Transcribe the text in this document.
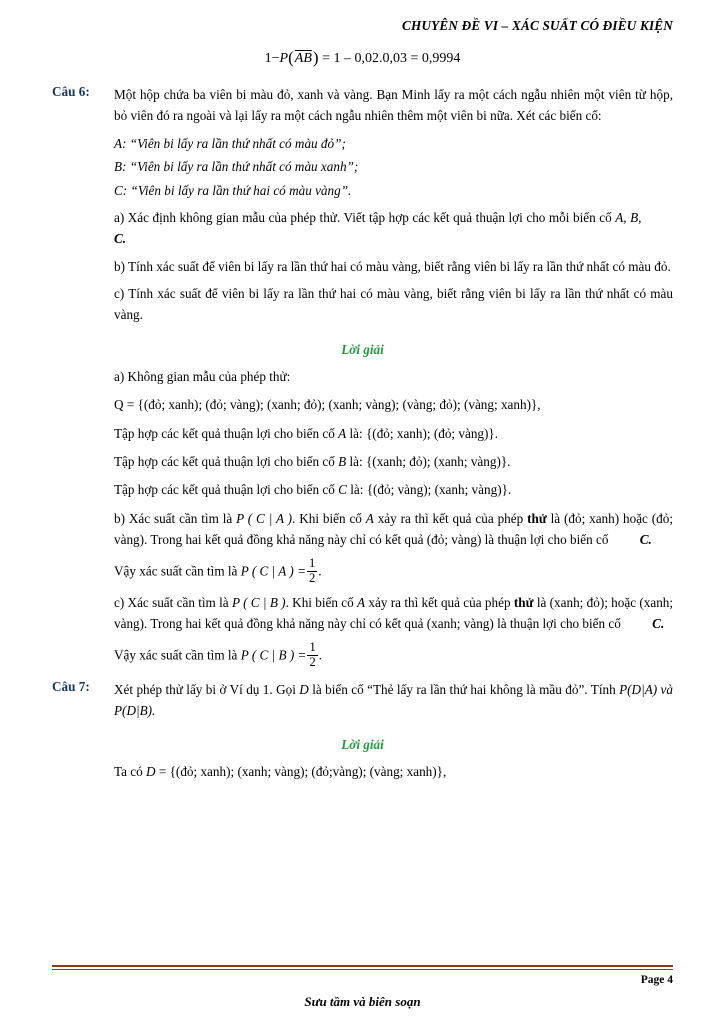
CHUYÊN ĐỀ VI – XÁC SUẤT CÓ ĐIỀU KIỆN
$1-P(\overline{AB}) = 1 - 0,02.0,03 = 0,9994$
Câu 6:	Một hộp chứa ba viên bi màu đỏ, xanh và vàng. Bạn Minh lấy ra một cách ngẫu nhiên một viên từ hộp, bỏ viên đó ra ngoài và lại lấy ra một cách ngẫu nhiên thêm một viên bi nữa. Xét các biến cố:

A: “Viên bi lấy ra lần thứ nhất có màu đỏ”;

B: “Viên bi lấy ra lần thứ nhất có màu xanh”;

C: “Viên bi lấy ra lần thứ hai có màu vàng”.

a) Xác định không gian mẫu của phép thử. Viết tập hợp các kết quả thuận lợi cho mỗi biến cố A, B, C.

b) Tính xác suất để viên bi lấy ra lần thứ hai có màu vàng, biết rằng viên bi lấy ra lần thứ nhất có màu đỏ.

c) Tính xác suất để viên bi lấy ra lần thứ hai có màu vàng, biết rằng viên bi lấy ra lần thứ nhất có màu vàng.

Lời giải

a) Không gian mẫu của phép thử:

Q = {(đỏ; xanh); (đỏ; vàng); (xanh; đỏ); (xanh; vàng); (vàng; đỏ); (vàng; xanh)},

Tập hợp các kết quả thuận lợi cho biến cố A là: {(đỏ; xanh); (đỏ; vàng)}.

Tập hợp các kết quả thuận lợi cho biến cố B là: {(xanh; đỏ); (xanh; vàng)}.

Tập hợp các kết quả thuận lợi cho biến cố C là: {(đỏ; vàng); (xanh; vàng)}.

b) Xác suất cần tìm là P ( C | A ). Khi biến cố A xảy ra thì kết quả của phép thử là (đỏ; xanh) hoặc (đỏ; vàng). Trong hai kết quả đồng khả năng này chỉ có kết quả (đỏ; vàng) là thuận lợi cho biến cố C.

Vậy xác suất cần tìm là P ( C | A ) = $\frac{1}{2}$ .

c) Xác suất cần tìm là P ( C | B ). Khi biến cố A xảy ra thì kết quả của phép thử là (xanh; đỏ); hoặc (xanh; vàng). Trong hai kết quả đồng khả năng này chỉ có kết quả (xanh; vàng) là thuận lợi cho biến cố C.

Vậy xác suất cần tìm là P ( C | B ) = $\frac{1}{2}$ .

Câu 7:	Xét phép thử lấy bi ở Ví dụ 1. Gọi D là biến cố “Thẻ lấy ra lần thứ hai không là mầu đỏ”. Tính P(D|A) và P(D|B).

Lời giải

Ta có D = {(đỏ; xanh); (xanh; vàng); (đỏ;vàng); (vàng; xanh)},

Page 4
Sưu tầm và biên soạn
